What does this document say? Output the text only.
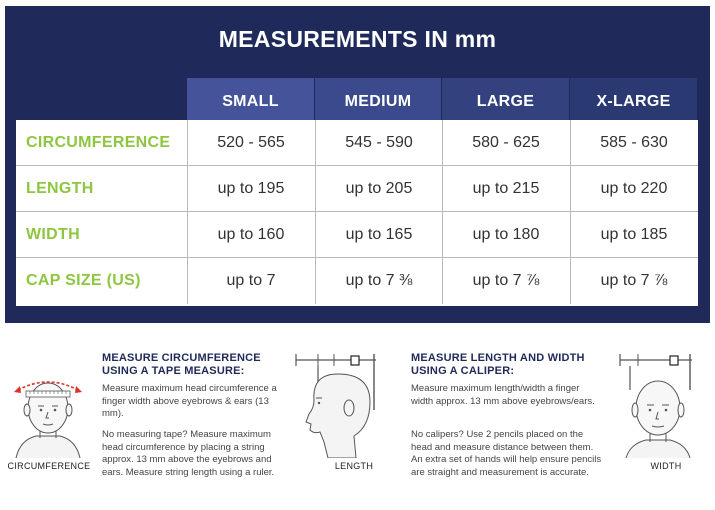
MEASUREMENTS IN mm
SMALL	MEDIUM	LARGE	X-LARGE
CIRCUMFERENCE	520 - 565	545 - 590	580 - 625	585 - 630
LENGTH	up to 195	up to 205	up to 215	up to 220
WIDTH	up to 160	up to 165	up to 180	up to 185
CAP SIZE (US)	up to 7	up to 7 ⅜	up to 7 ⅞	up to 7 ⅞
CIRCUMFERENCE
MEASURE CIRCUMFERENCE
USING A TAPE MEASURE:
Measure maximum head circumference a finger width above eyebrows & ears (13 mm).
No measuring tape? Measure maximum head circumference by placing a string approx. 13 mm above the eyebrows and ears. Measure string length using a ruler.
LENGTH
MEASURE LENGTH AND WIDTH
USING A CALIPER:
Measure maximum length/width a finger width approx. 13 mm above eyebrows/ears.
No calipers? Use 2 pencils placed on the head and measure distance between them. An extra set of hands will help ensure pencils are straight and measurement is accurate.
WIDTH
